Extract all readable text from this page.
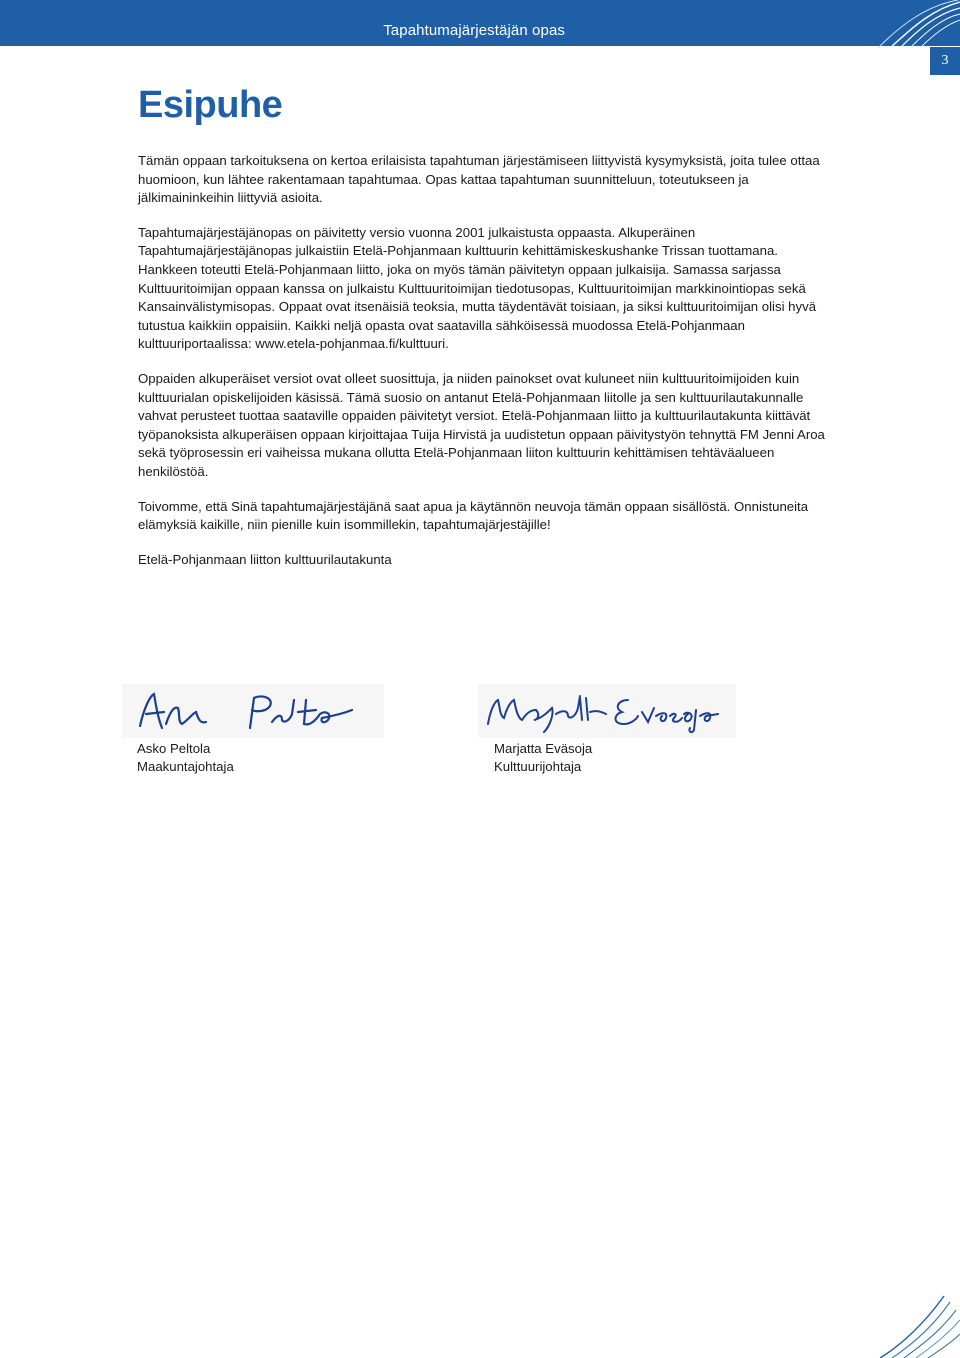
Tapahtumajärjestäjän opas
3
Esipuhe

Tämän oppaan tarkoituksena on kertoa erilaisista tapahtuman järjestämiseen liittyvistä kysymyksistä, joita tulee ottaa huomioon, kun lähtee rakentamaan tapahtumaa. Opas kattaa tapahtuman suunnitteluun, toteutukseen ja jälkimaininkeihin liittyviä asioita.

Tapahtumajärjestäjänopas on päivitetty versio vuonna 2001 julkaistusta oppaasta. Alkuperäinen Tapahtumajärjestäjänopas julkaistiin Etelä-Pohjanmaan kulttuurin kehittämiskeskushanke Trissan tuottamana. Hankkeen toteutti Etelä-Pohjanmaan liitto, joka on myös tämän päivitetyn oppaan julkaisija. Samassa sarjassa Kulttuuritoimijan oppaan kanssa on julkaistu Kulttuuritoimijan tiedotusopas, Kulttuuritoimijan markkinointiopas sekä Kansainvälistymisopas. Oppaat ovat itsenäisiä teoksia, mutta täydentävät toisiaan, ja siksi kulttuuritoimijan olisi hyvä tutustua kaikkiin oppaisiin. Kaikki neljä opasta ovat saatavilla sähköisessä muodossa Etelä-Pohjanmaan kulttuuriportaalissa: www.etela-pohjanmaa.fi/kulttuuri.

Oppaiden alkuperäiset versiot ovat olleet suosittuja, ja niiden painokset ovat kuluneet niin kulttuuritoimijoiden kuin kulttuurialan opiskelijoiden käsissä. Tämä suosio on antanut Etelä-Pohjanmaan liitolle ja sen kulttuurilautakunnalle vahvat perusteet tuottaa saataville oppaiden päivitetyt versiot. Etelä-Pohjanmaan liitto ja kulttuurilautakunta kiittävät työpanoksista alkuperäisen oppaan kirjoittajaa Tuija Hirvistä ja uudistetun oppaan päivitystyön tehnyttä FM Jenni Aroa sekä työprosessin eri vaiheissa mukana ollutta Etelä-Pohjanmaan liiton kulttuurin kehittämisen tehtäväalueen henkilöstöä.

Toivomme, että Sinä tapahtumajärjestäjänä saat apua ja käytännön neuvoja tämän oppaan sisällöstä. Onnistuneita elämyksiä kaikille, niin pienille kuin isommillekin, tapahtumajärjestäjille!

Etelä-Pohjanmaan liitton kulttuurilautakunta

Asko Peltola
Maakuntajohtaja
Marjatta Eväsoja
Kulttuurijohtaja
